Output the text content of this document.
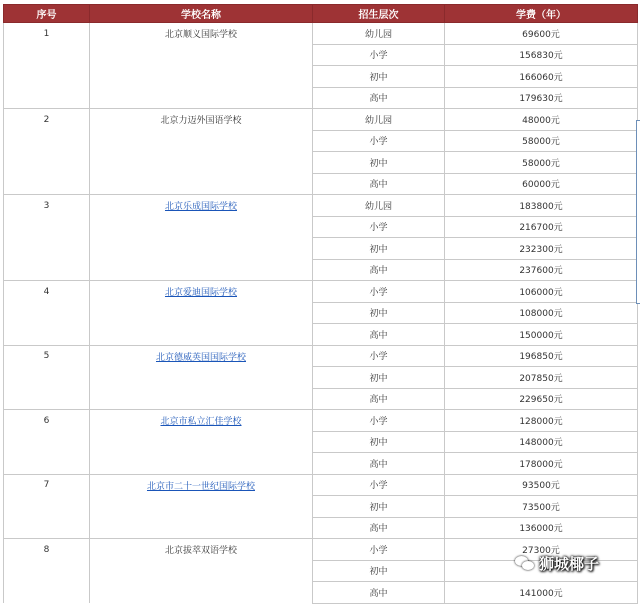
序号	学校名称	招生层次	学费（年）
1	北京顺义国际学校	幼儿园	69600元
		小学	156830元
		初中	166060元
		高中	179630元
2	北京力迈外国语学校	幼儿园	48000元
		小学	58000元
		初中	58000元
		高中	60000元
3	北京乐成国际学校	幼儿园	183800元
		小学	216700元
		初中	232300元
		高中	237600元
4	北京爱迪国际学校	小学	106000元
		初中	108000元
		高中	150000元
5	北京德威英国国际学校	小学	196850元
		初中	207850元
		高中	229650元
6	北京市私立汇佳学校	小学	128000元
		初中	148000元
		高中	178000元
7	北京市二十一世纪国际学校	小学	93500元
		初中	73500元
		高中	136000元
8	北京拔萃双语学校	小学	27300元
		初中	
		高中	141000元
狮城椰子
